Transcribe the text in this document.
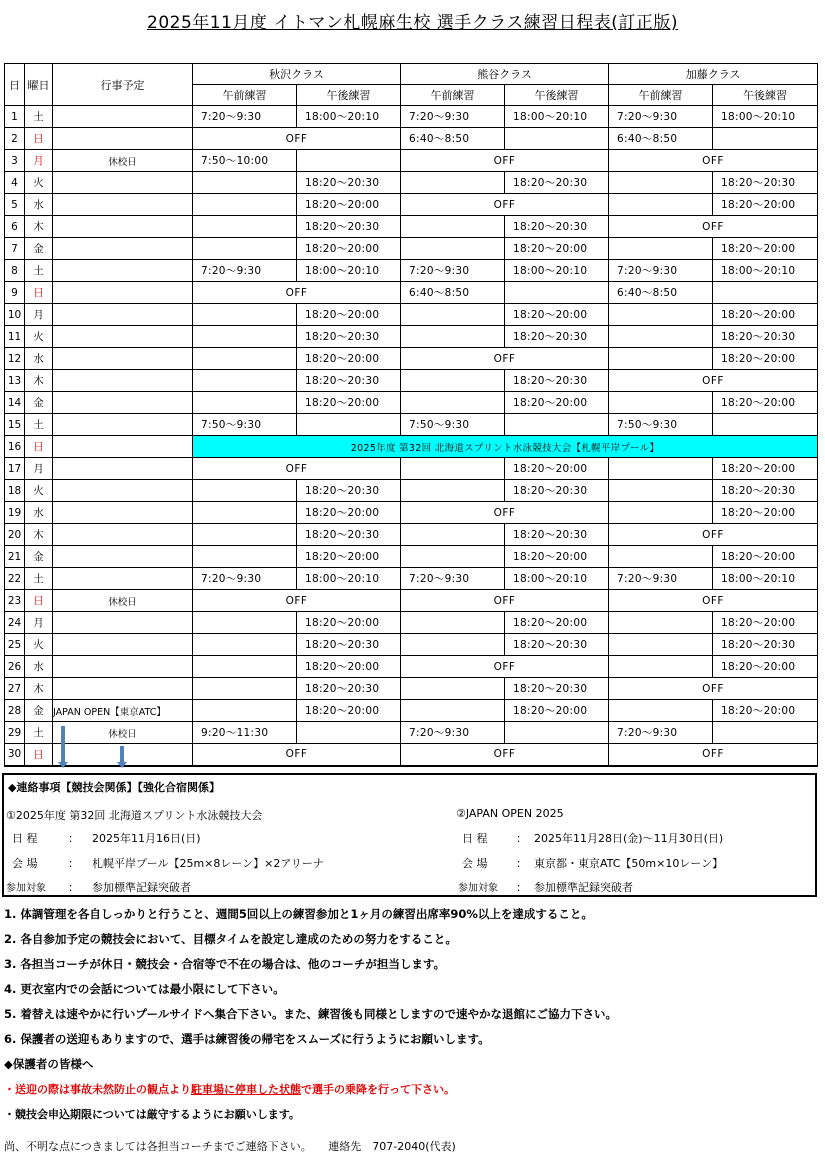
2025年11月度 イトマン札幌麻生校 選手クラス練習日程表(訂正版)
日	曜日	行事予定	秋沢クラス		熊谷クラス		加藤クラス	
			午前練習	午後練習	午前練習	午後練習	午前練習	午後練習
1	土		7:20～9:30	18:00～20:10	7:20～9:30	18:00～20:10	7:20～9:30	18:00～20:10
2	日		OFF		6:40～8:50		6:40～8:50	
3	月	休校日	7:50～10:00		OFF		OFF	
4	火			18:20～20:30		18:20～20:30		18:20～20:30
5	水			18:20～20:00	OFF			18:20～20:00
6	木			18:20～20:30		18:20～20:30	OFF	
7	金			18:20～20:00		18:20～20:00		18:20～20:00
8	土		7:20～9:30	18:00～20:10	7:20～9:30	18:00～20:10	7:20～9:30	18:00～20:10
9	日		OFF		6:40～8:50		6:40～8:50	
10	月			18:20～20:00		18:20～20:00		18:20～20:00
11	火			18:20～20:30		18:20～20:30		18:20～20:30
12	水			18:20～20:00	OFF			18:20～20:00
13	木			18:20～20:30		18:20～20:30	OFF	
14	金			18:20～20:00		18:20～20:00		18:20～20:00
15	土		7:50～9:30		7:50～9:30		7:50～9:30	
16	日		2025年度 第32回 北海道スプリント水泳競技大会【札幌平岸プール】					
17	月		OFF			18:20～20:00		18:20～20:00
18	火			18:20～20:30		18:20～20:30		18:20～20:30
19	水			18:20～20:00	OFF			18:20～20:00
20	木			18:20～20:30		18:20～20:30	OFF	
21	金			18:20～20:00		18:20～20:00		18:20～20:00
22	土		7:20～9:30	18:00～20:10	7:20～9:30	18:00～20:10	7:20～9:30	18:00～20:10
23	日	休校日	OFF		OFF		OFF	
24	月			18:20～20:00		18:20～20:00		18:20～20:00
25	火			18:20～20:30		18:20～20:30		18:20～20:30
26	水			18:20～20:00	OFF			18:20～20:00
27	木			18:20～20:30		18:20～20:30	OFF	
28	金	JAPAN OPEN【東京ATC】		18:20～20:00		18:20～20:00		18:20～20:00
29	土	休校日	9:20～11:30		7:20～9:30		7:20～9:30	
30	日		OFF		OFF		OFF	
◆連絡事項【競技会関係】【強化合宿関係】
①2025年度 第32回 北海道スプリント水泳競技大会
日 程	： 2025年11月16日(日)
会 場	： 札幌平岸プール【25m×8レーン】×2アリーナ
参加対象 ： 参加標準記録突破者
②JAPAN OPEN 2025
日 程	： 2025年11月28日(金)～11月30日(日)
会 場	： 東京都・東京ATC【50m×10レーン】
参加対象 ： 参加標準記録突破者
1. 体調管理を各自しっかりと行うこと、週間5回以上の練習参加と1ヶ月の練習出席率90%以上を達成すること。
2. 各自参加予定の競技会において、目標タイムを設定し達成のための努力をすること。
3. 各担当コーチが休日・競技会・合宿等で不在の場合は、他のコーチが担当します。
4. 更衣室内での会話については最小限にして下さい。
5. 着替えは速やかに行いプールサイドへ集合下さい。また、練習後も同様としますので速やかな退館にご協力下さい。
6. 保護者の送迎もありますので、選手は練習後の帰宅をスムーズに行うようにお願いします。
◆保護者の皆様へ
・送迎の際は事故未然防止の観点より駐車場に停車した状態で選手の乗降を行って下さい。
・競技会申込期限については厳守するようにお願いします。
尚、不明な点につきましては各担当コーチまでご連絡下さい。　　連絡先　707-2040(代表)
